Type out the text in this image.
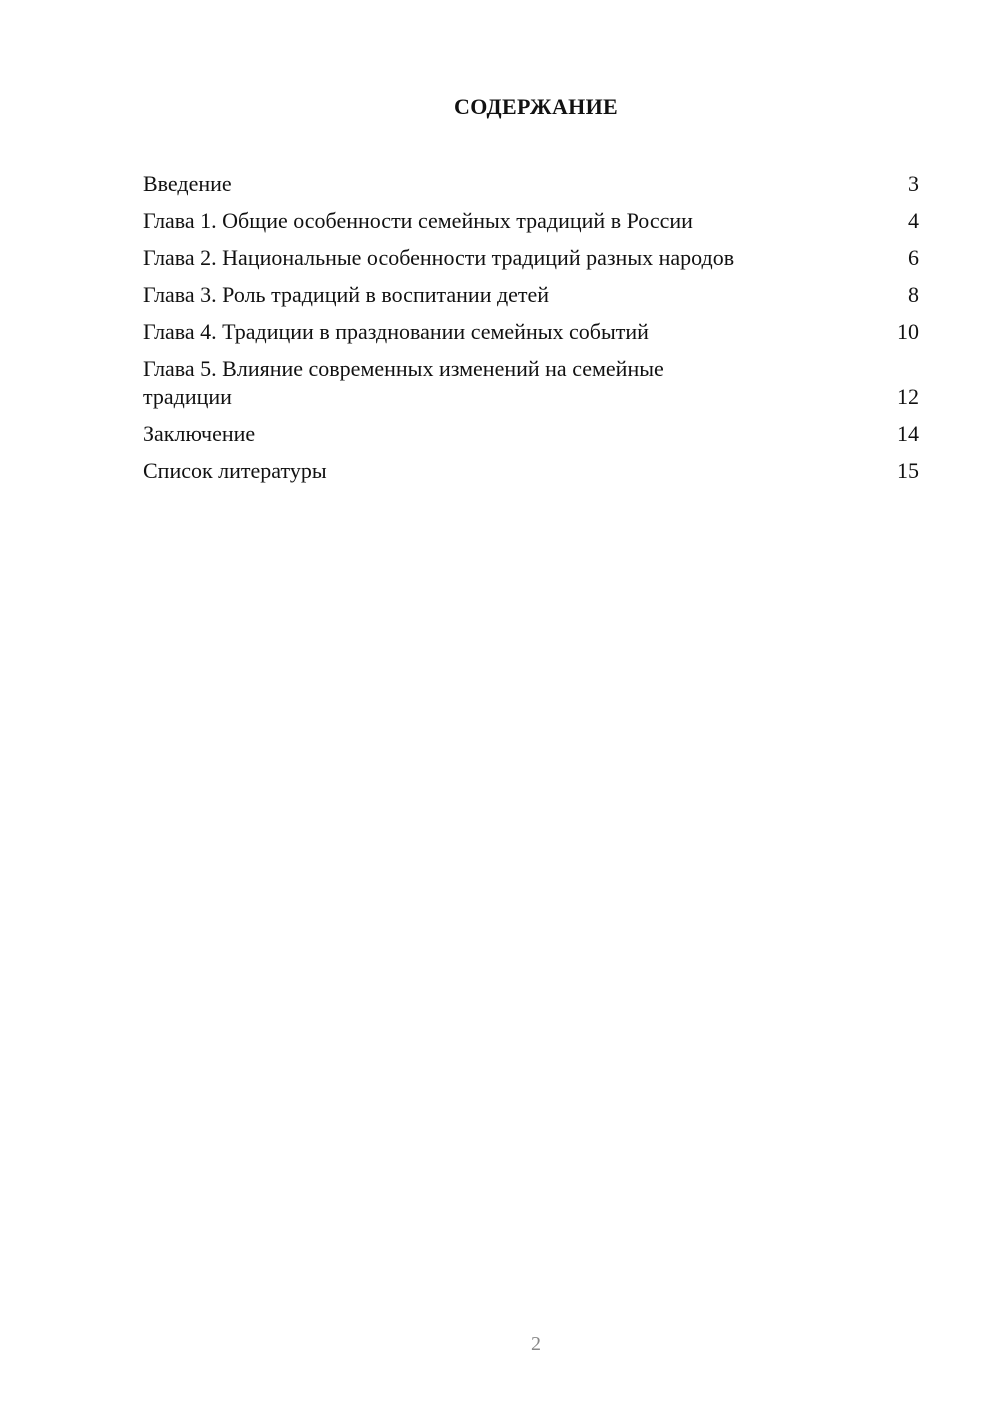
СОДЕРЖАНИЕ
Введение	3
Глава 1. Общие особенности семейных традиций в России	4
Глава 2. Национальные особенности традиций разных народов	6
Глава 3. Роль традиций в воспитании детей	8
Глава 4. Традиции в праздновании семейных событий	10
Глава 5. Влияние современных изменений на семейные традиции	12
Заключение	14
Список литературы	15
2
